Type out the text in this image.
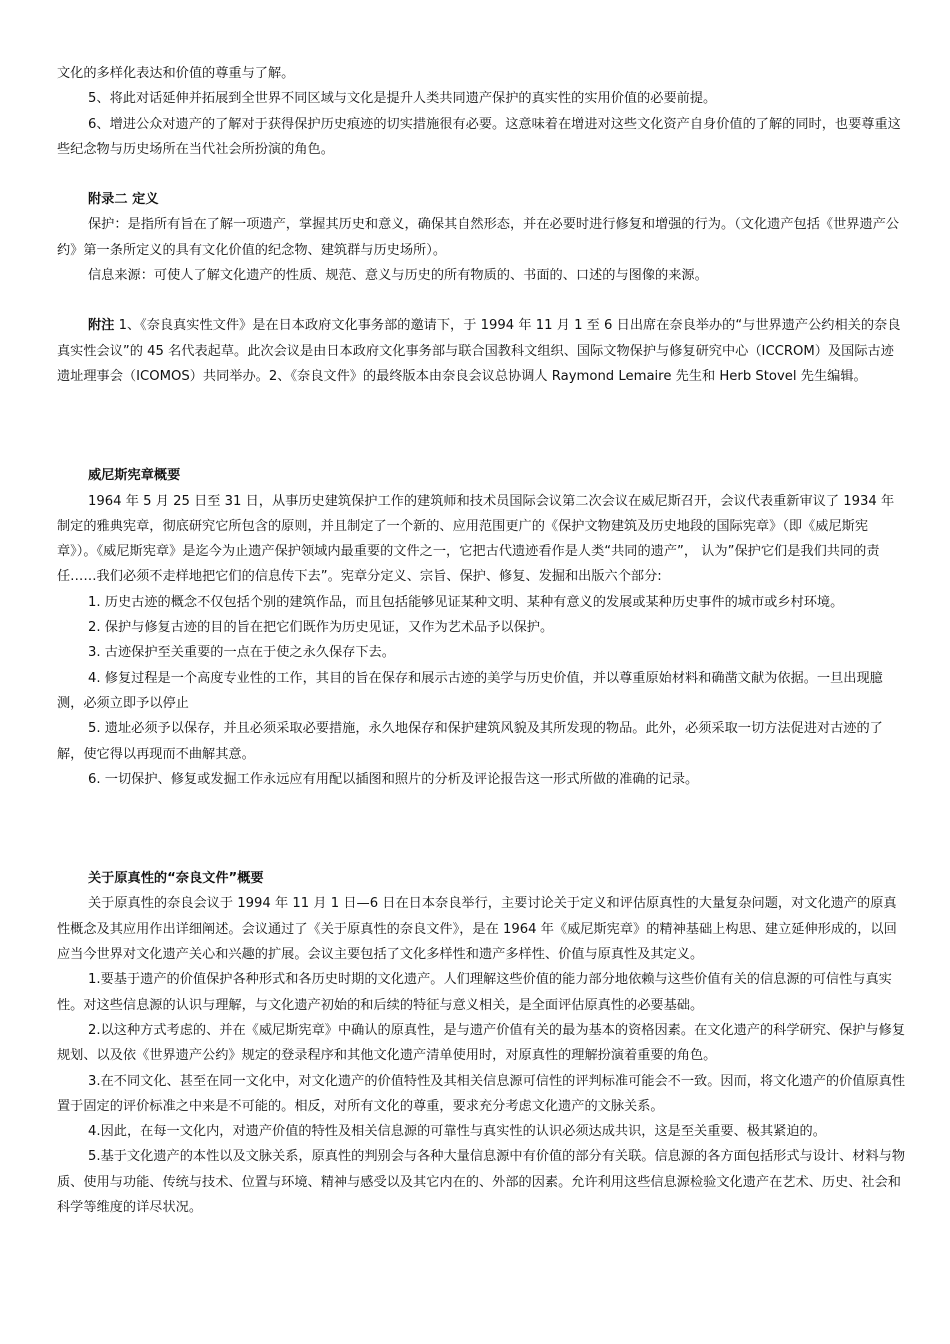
文化的多样化表达和价值的尊重与了解。

5、将此对话延伸并拓展到全世界不同区域与文化是提升人类共同遗产保护的真实性的实用价值的必要前提。

6、增进公众对遗产的了解对于获得保护历史痕迹的切实措施很有必要。这意味着在增进对这些文化资产自身价值的了解的同时，也要尊重这些纪念物与历史场所在当代社会所扮演的角色。

附录二 定义

保护：是指所有旨在了解一项遗产，掌握其历史和意义，确保其自然形态，并在必要时进行修复和增强的行为。（文化遗产包括《世界遗产公约》第一条所定义的具有文化价值的纪念物、建筑群与历史场所）。

信息来源：可使人了解文化遗产的性质、规范、意义与历史的所有物质的、书面的、口述的与图像的来源。

附注 1、《奈良真实性文件》是在日本政府文化事务部的邀请下，于 1994 年 11 月 1 至 6 日出席在奈良举办的“与世界遗产公约相关的奈良真实性会议”的 45 名代表起草。此次会议是由日本政府文化事务部与联合国教科文组织、国际文物保护与修复研究中心（ICCROM）及国际古迹遗址理事会（ICOMOS）共同举办。2、《奈良文件》的最终版本由奈良会议总协调人 Raymond Lemaire 先生和 Herb Stovel 先生编辑。

威尼斯宪章概要

1964 年 5 月 25 日至 31 日，从事历史建筑保护工作的建筑师和技术员国际会议第二次会议在威尼斯召开，会议代表重新审议了 1934 年制定的雅典宪章，彻底研究它所包含的原则，并且制定了一个新的、应用范围更广的《保护文物建筑及历史地段的国际宪章》（即《威尼斯宪章》）。《威尼斯宪章》是迄今为止遗产保护领域内最重要的文件之一，它把古代遗迹看作是人类“共同的遗产”， 认为”保护它们是我们共同的责任……我们必须不走样地把它们的信息传下去”。宪章分定义、宗旨、保护、修复、发掘和出版六个部分:

1. 历史古迹的概念不仅包括个别的建筑作品，而且包括能够见证某种文明、某种有意义的发展或某种历史事件的城市或乡村环境。

2. 保护与修复古迹的目的旨在把它们既作为历史见证，又作为艺术品予以保护。

3. 古迹保护至关重要的一点在于使之永久保存下去。

4. 修复过程是一个高度专业性的工作，其目的旨在保存和展示古迹的美学与历史价值，并以尊重原始材料和确凿文献为依据。一旦出现臆测，必须立即予以停止

5. 遗址必须予以保存，并且必须采取必要措施，永久地保存和保护建筑风貌及其所发现的物品。此外，必须采取一切方法促进对古迹的了解，使它得以再现而不曲解其意。

6. 一切保护、修复或发掘工作永远应有用配以插图和照片的分析及评论报告这一形式所做的准确的记录。

关于原真性的“奈良文件”概要

关于原真性的奈良会议于 1994 年 11 月 1 日—6 日在日本奈良举行，主要讨论关于定义和评估原真性的大量复杂问题，对文化遗产的原真性概念及其应用作出详细阐述。会议通过了《关于原真性的奈良文件》，是在 1964 年《威尼斯宪章》的精神基础上构思、建立延伸形成的，以回应当今世界对文化遗产关心和兴趣的扩展。会议主要包括了文化多样性和遗产多样性、价值与原真性及其定义。

1.要基于遗产的价值保护各种形式和各历史时期的文化遗产。人们理解这些价值的能力部分地依赖与这些价值有关的信息源的可信性与真实性。对这些信息源的认识与理解，与文化遗产初始的和后续的特征与意义相关，是全面评估原真性的必要基础。

2.以这种方式考虑的、并在《威尼斯宪章》中确认的原真性，是与遗产价值有关的最为基本的资格因素。在文化遗产的科学研究、保护与修复规划、以及依《世界遗产公约》规定的登录程序和其他文化遗产清单使用时，对原真性的理解扮演着重要的角色。

3.在不同文化、甚至在同一文化中，对文化遗产的价值特性及其相关信息源可信性的评判标准可能会不一致。因而，将文化遗产的价值原真性置于固定的评价标准之中来是不可能的。相反，对所有文化的尊重，要求充分考虑文化遗产的文脉关系。

4.因此，在每一文化内，对遗产价值的特性及相关信息源的可靠性与真实性的认识必须达成共识，这是至关重要、极其紧迫的。

5.基于文化遗产的本性以及文脉关系，原真性的判别会与各种大量信息源中有价值的部分有关联。信息源的各方面包括形式与设计、材料与物质、使用与功能、传统与技术、位置与环境、精神与感受以及其它内在的、外部的因素。允许利用这些信息源检验文化遗产在艺术、历史、社会和科学等维度的详尽状况。
